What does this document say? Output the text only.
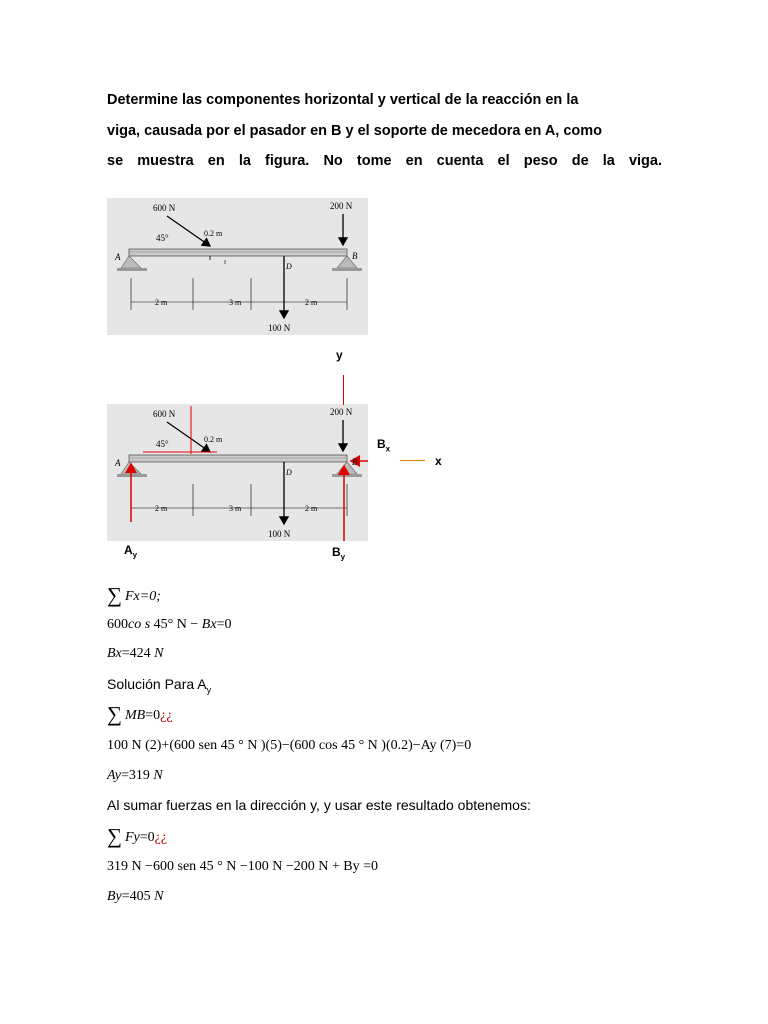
Determine las componentes horizontal y vertical de la reacción en la
viga, causada por el pasador en B y el soporte de mecedora en A, como
se muestra en la figura. No tome en cuenta el peso de la viga.
600 N
45°	0.2 m
200 N
A	B
D
2 m	3 m	2 m
100 N
y
600 N
45°	0.2 m
200 N
A	B
D
2 m	3 m	2 m
100 N
x
$B_x$
$A_y$	$B_y$
∑ Fx=0;
600co s 45° N − Bx=0
Bx=424 N
Solución Para $A_y$
∑ MB=0¿¿
100 N (2)+(600 sen 45 ° N )(5)−(600 cos 45 ° N )(0.2)−Ay (7)=0
Ay=319 N
Al sumar fuerzas en la dirección y, y usar este resultado obtenemos:
∑ Fy=0¿¿
319 N −600 sen 45 ° N −100 N −200 N + By =0
By=405 N
